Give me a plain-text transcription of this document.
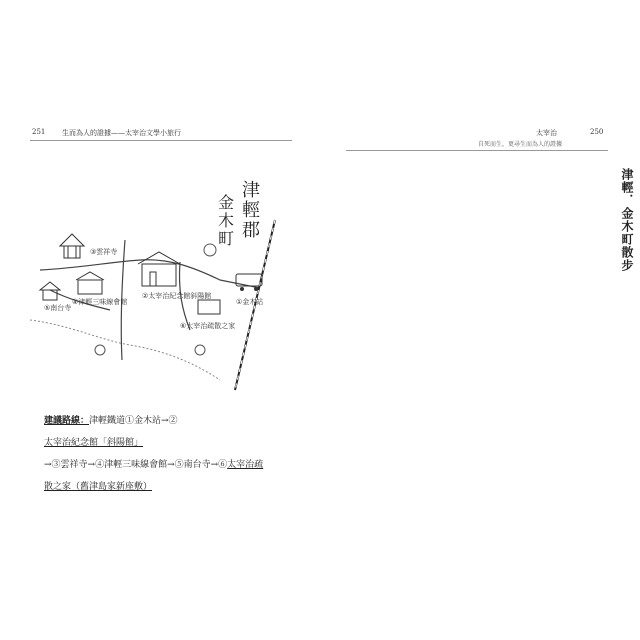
251 生而為人的證據——太宰治文學小旅行
津
輕
郡
金
木
町
③雲祥寺
⑤南台寺
④津輕三味線會館
②太宰治紀念館斜陽館
⑥太宰治疏散之家
①金木站
建議路線：津輕鐵道①金木站→②太宰治紀念館「斜陽館」
→③雲祥寺→④津輕三味線會館→⑤南台寺→⑥太宰治疏
散之家（舊津島家新座敷）
太宰治
自死而生，更尋生而為人的證據
250
津輕．金木町散步
